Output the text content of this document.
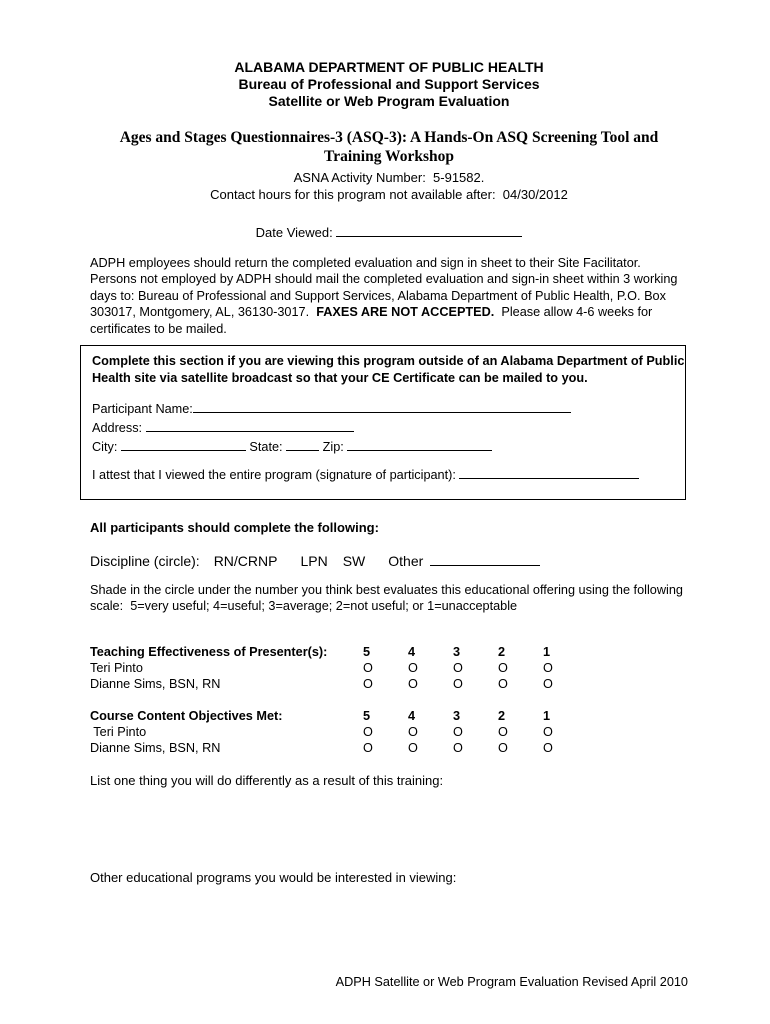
ALABAMA DEPARTMENT OF PUBLIC HEALTH
Bureau of Professional and Support Services
Satellite or Web Program Evaluation
Ages and Stages Questionnaires-3 (ASQ-3): A Hands-On ASQ Screening Tool and
Training Workshop
ASNA Activity Number:  5-91582.
Contact hours for this program not available after:  04/30/2012
Date Viewed:
ADPH employees should return the completed evaluation and sign in sheet to their Site Facilitator.
Persons not employed by ADPH should mail the completed evaluation and sign-in sheet within 3 working
days to: Bureau of Professional and Support Services, Alabama Department of Public Health, P.O. Box
303017, Montgomery, AL, 36130-3017.  FAXES ARE NOT ACCEPTED.  Please allow 4-6 weeks for
certificates to be mailed.
Complete this section if you are viewing this program outside of an Alabama Department of Public
Health site via satellite broadcast so that your CE Certificate can be mailed to you.
Participant Name:
Address:
City:	State:	Zip:
I attest that I viewed the entire program (signature of participant):
All participants should complete the following:
Discipline (circle): RN/CRNP LPN SW Other
Shade in the circle under the number you think best evaluates this educational offering using the following
scale:  5=very useful; 4=useful; 3=average; 2=not useful; or 1=unacceptable
Teaching Effectiveness of Presenter(s):	5	4	3	2	1
Teri Pinto	O	O	O	O	O
Dianne Sims, BSN, RN	O	O	O	O	O
Course Content Objectives Met:	5	4	3	2	1
Teri Pinto	O	O	O	O	O
Dianne Sims, BSN, RN	O	O	O	O	O
List one thing you will do differently as a result of this training:
Other educational programs you would be interested in viewing:
ADPH Satellite or Web Program Evaluation Revised April 2010
